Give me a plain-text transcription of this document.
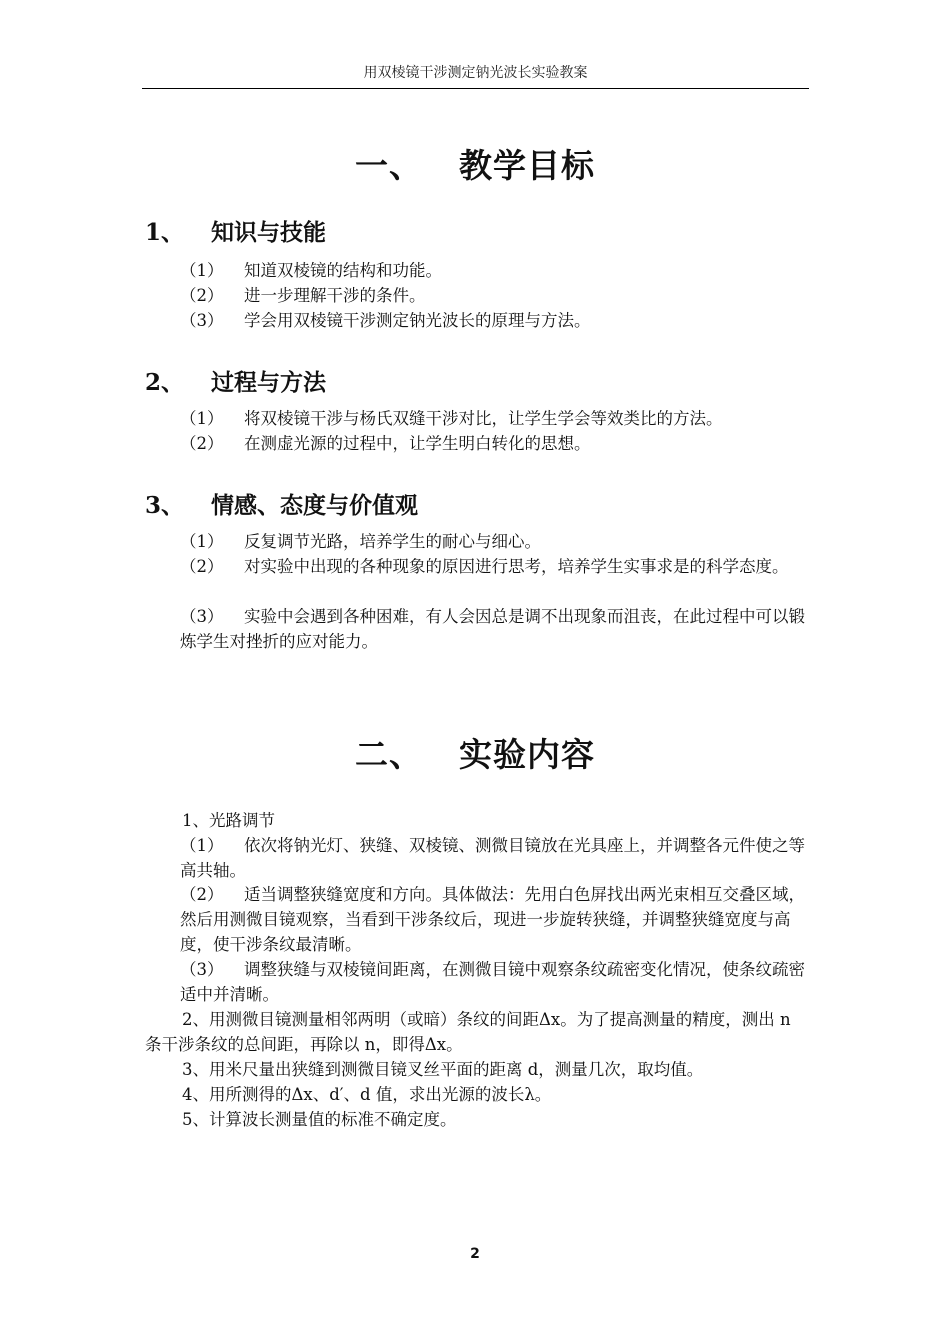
用双棱镜干涉测定钠光波长实验教案
一、 教学目标
1、 知识与技能
（1） 知道双棱镜的结构和功能。
（2） 进一步理解干涉的条件。
（3） 学会用双棱镜干涉测定钠光波长的原理与方法。
2、 过程与方法
（1） 将双棱镜干涉与杨氏双缝干涉对比，让学生学会等效类比的方法。
（2） 在测虚光源的过程中，让学生明白转化的思想。
3、 情感、态度与价值观
（1） 反复调节光路，培养学生的耐心与细心。
（2） 对实验中出现的各种现象的原因进行思考，培养学生实事求是的科学态度。
（3） 实验中会遇到各种困难，有人会因总是调不出现象而沮丧，在此过程中可以锻炼学生对挫折的应对能力。
二、 实验内容
1、光路调节
（1） 依次将钠光灯、狭缝、双棱镜、测微目镜放在光具座上，并调整各元件使之等高共轴。
（2） 适当调整狭缝宽度和方向。具体做法：先用白色屏找出两光束相互交叠区域，然后用测微目镜观察，当看到干涉条纹后，现进一步旋转狭缝，并调整狭缝宽度与高度，使干涉条纹最清晰。
（3） 调整狭缝与双棱镜间距离，在测微目镜中观察条纹疏密变化情况，使条纹疏密适中并清晰。
2、用测微目镜测量相邻两明（或暗）条纹的间距Δx。为了提高测量的精度，测出 n 条干涉条纹的总间距，再除以 n，即得Δx。
3、用米尺量出狭缝到测微目镜叉丝平面的距离 d，测量几次，取均值。
4、用所测得的Δx、d′、d 值，求出光源的波长λ。
5、计算波长测量值的标准不确定度。
2
